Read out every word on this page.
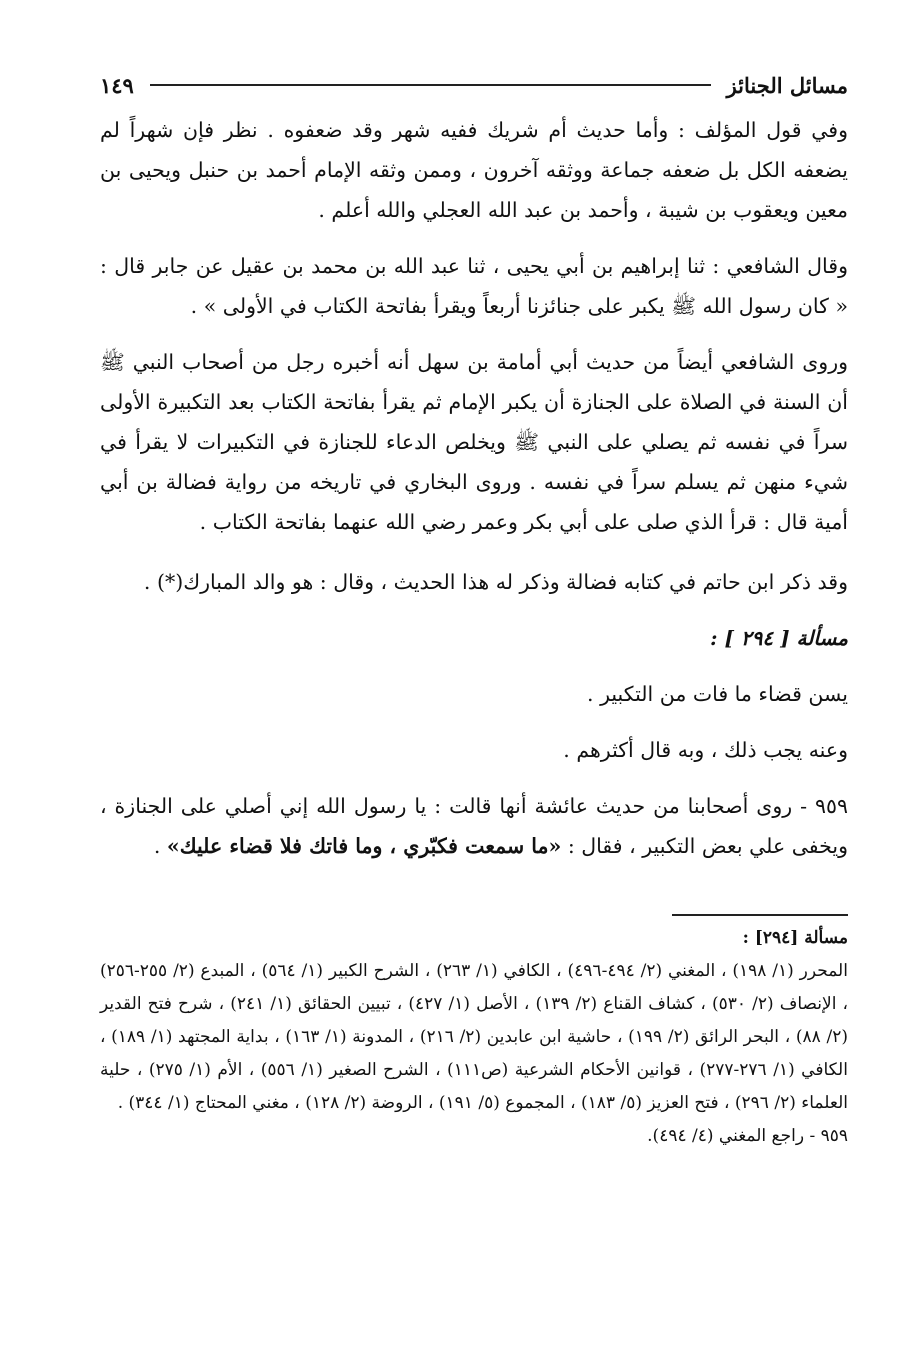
مسائل الجنائز
١٤٩

وفي قول المؤلف : وأما حديث أم شريك ففيه شهر وقد ضعفوه . نظر فإن شهراً لم يضعفه الكل بل ضعفه جماعة ووثقه آخرون ، وممن وثقه الإمام أحمد بن حنبل ويحيى بن معين ويعقوب بن شيبة ، وأحمد بن عبد الله العجلي والله أعلم .

وقال الشافعي : ثنا إبراهيم بن أبي يحيى ، ثنا عبد الله بن محمد بن عقيل عن جابر قال : « كان رسول الله ﷺ يكبر على جنائزنا أربعاً ويقرأ بفاتحة الكتاب في الأولى » .

وروى الشافعي أيضاً من حديث أبي أمامة بن سهل أنه أخبره رجل من أصحاب النبي ﷺ أن السنة في الصلاة على الجنازة أن يكبر الإمام ثم يقرأ بفاتحة الكتاب بعد التكبيرة الأولى سراً في نفسه ثم يصلي على النبي ﷺ ويخلص الدعاء للجنازة في التكبيرات لا يقرأ في شيء منهن ثم يسلم سراً في نفسه . وروى البخاري في تاريخه من رواية فضالة بن أبي أمية قال : قرأ الذي صلى على أبي بكر وعمر رضي الله عنهما بفاتحة الكتاب .

وقد ذكر ابن حاتم في كتابه فضالة وذكر له هذا الحديث ، وقال : هو والد المبارك(*) .

مسألة [ ٢٩٤ ] :

يسن قضاء ما فات من التكبير .

وعنه يجب ذلك ، وبه قال أكثرهم .

٩٥٩ - روى أصحابنا من حديث عائشة أنها قالت : يا رسول الله إني أصلي على الجنازة ، ويخفى علي بعض التكبير ، فقال : «ما سمعت فكبّري ، وما فاتك فلا قضاء عليك» .

مسألة [٢٩٤] :

المحرر (١/ ١٩٨) ، المغني (٢/ ٤٩٤-٤٩٦) ، الكافي (١/ ٢٦٣) ، الشرح الكبير (١/ ٥٦٤) ، المبدع (٢/ ٢٥٥-٢٥٦) ، الإنصاف (٢/ ٥٣٠) ، كشاف القناع (٢/ ١٣٩) ، الأصل (١/ ٤٢٧) ، تبيين الحقائق (١/ ٢٤١) ، شرح فتح القدير (٢/ ٨٨) ، البحر الرائق (٢/ ١٩٩) ، حاشية ابن عابدين (٢/ ٢١٦) ، المدونة (١/ ١٦٣) ، بداية المجتهد (١/ ١٨٩) ، الكافي (١/ ٢٧٦-٢٧٧) ، قوانين الأحكام الشرعية (ص١١١) ، الشرح الصغير (١/ ٥٥٦) ، الأم (١/ ٢٧٥) ، حلية العلماء (٢/ ٢٩٦) ، فتح العزيز (٥/ ١٨٣) ، المجموع (٥/ ١٩١) ، الروضة (٢/ ١٢٨) ، مغني المحتاج (١/ ٣٤٤) .

٩٥٩ - راجع المغني (٤/ ٤٩٤).
